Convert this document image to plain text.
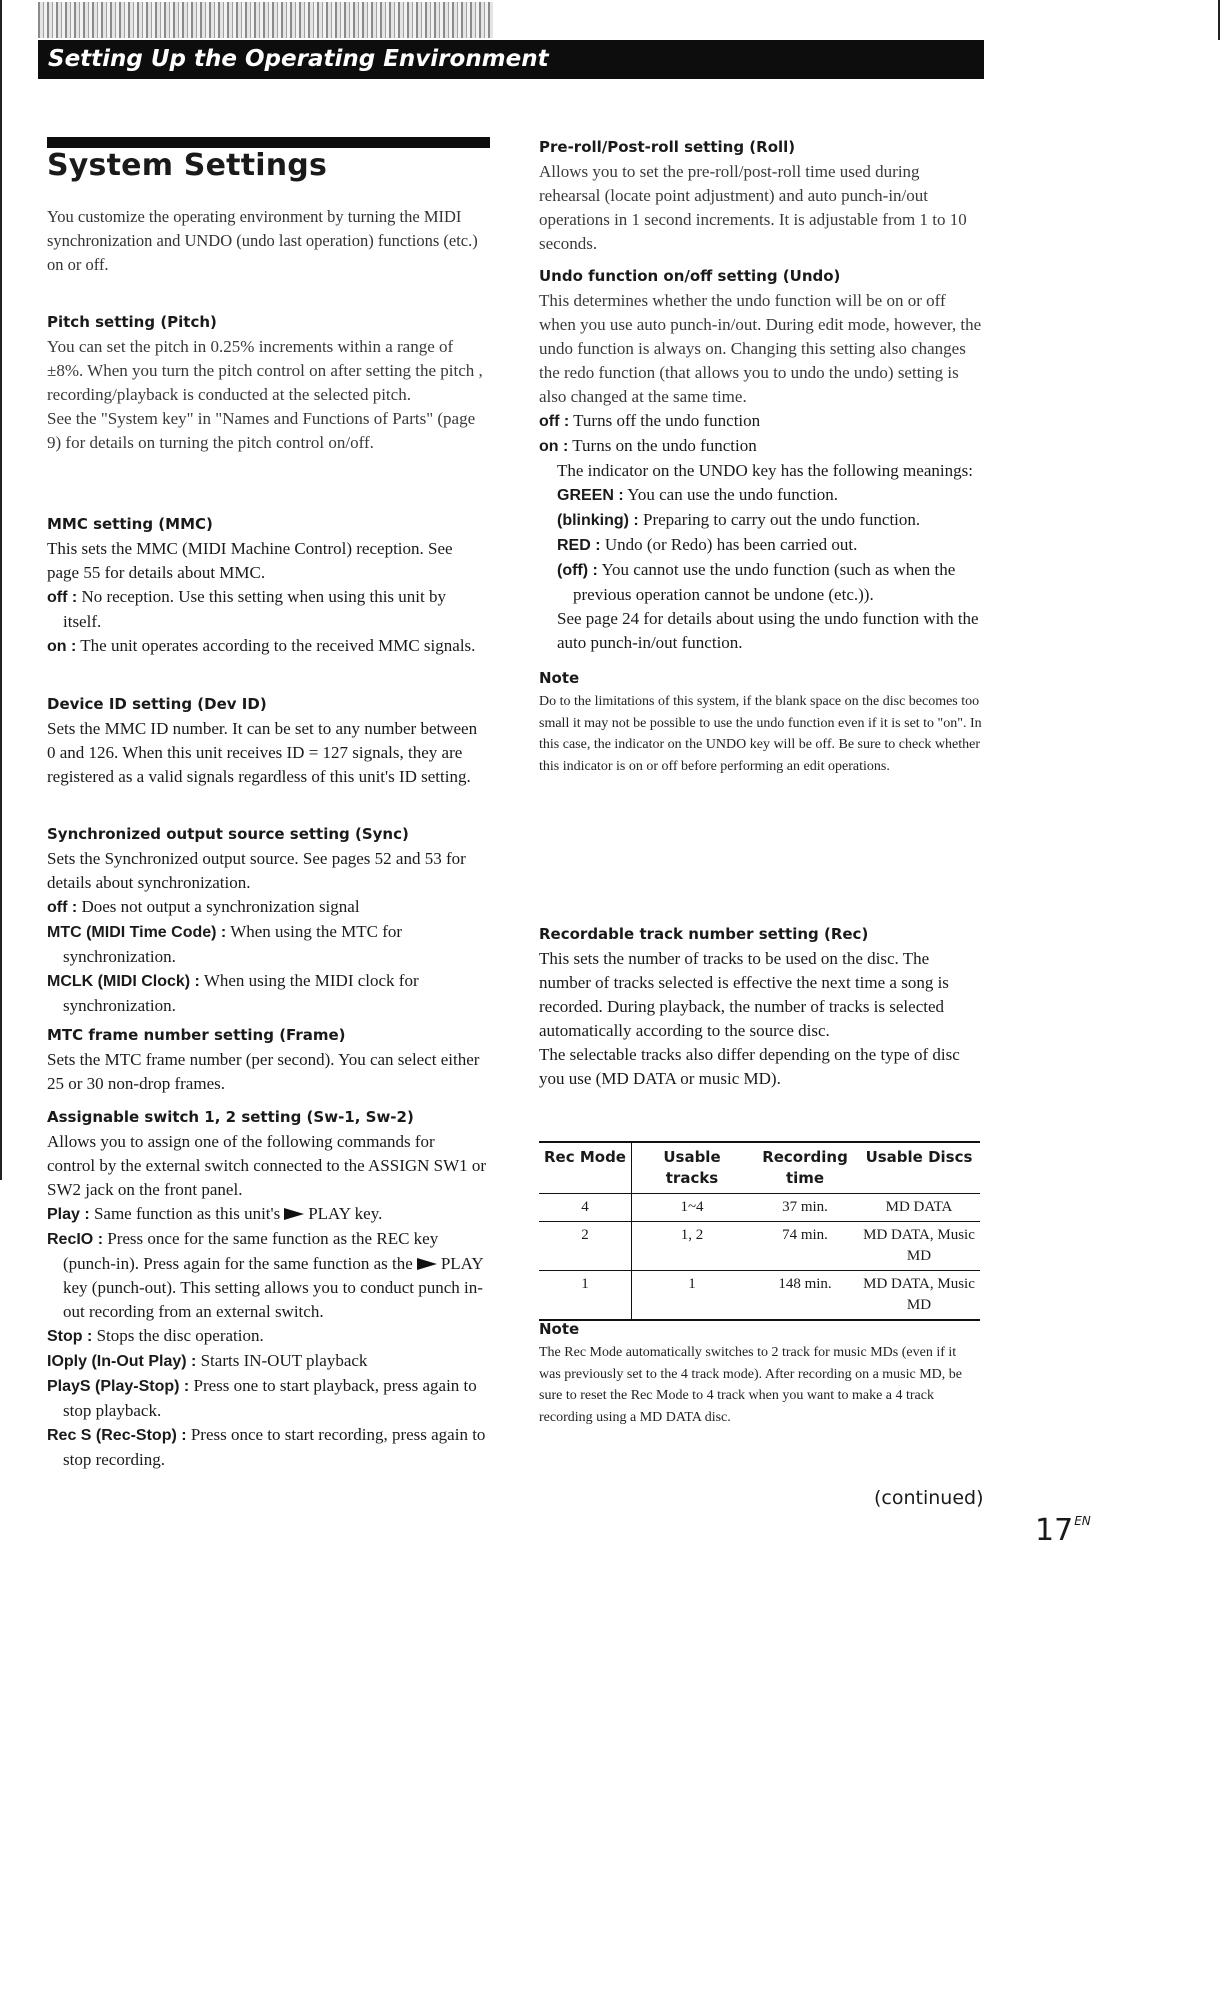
Setting Up the Operating Environment
System Settings

You customize the operating environment by turning the MIDI synchronization and UNDO (undo last operation) functions (etc.) on or off.

Pitch setting (Pitch)

You can set the pitch in 0.25% increments within a range of ±8%. When you turn the pitch control on after setting the pitch , recording/playback is conducted at the selected pitch.

See the "System key" in "Names and Functions of Parts" (page 9) for details on turning the pitch control on/off.

MMC setting (MMC)

This sets the MMC (MIDI Machine Control) reception. See page 55 for details about MMC.

off : No reception. Use this setting when using this unit by itself.

on : The unit operates according to the received MMC signals.

Device ID setting (Dev ID)

Sets the MMC ID number. It can be set to any number between 0 and 126. When this unit receives ID = 127 signals, they are registered as a valid signals regardless of this unit's ID setting.

Synchronized output source setting (Sync)

Sets the Synchronized output source. See pages 52 and 53 for details about synchronization.

off : Does not output a synchronization signal

MTC (MIDI Time Code) : When using the MTC for synchronization.

MCLK (MIDI Clock) : When using the MIDI clock for synchronization.

MTC frame number setting (Frame)

Sets the MTC frame number (per second). You can select either 25 or 30 non-drop frames.

Assignable switch 1, 2 setting (Sw-1, Sw-2)

Allows you to assign one of the following commands for control by the external switch connected to the ASSIGN SW1 or SW2 jack on the front panel.

Play : Same function as this unit's PLAY key.

RecIO : Press once for the same function as the REC key (punch-in). Press again for the same function as the PLAY key (punch-out). This setting allows you to conduct punch in-out recording from an external switch.

Stop : Stops the disc operation.

IOply (In-Out Play) : Starts IN-OUT playback

PlayS (Play-Stop) : Press one to start playback, press again to stop playback.

Rec S (Rec-Stop) : Press once to start recording, press again to stop recording.

Pre-roll/Post-roll setting (Roll)

Allows you to set the pre-roll/post-roll time used during rehearsal (locate point adjustment) and auto punch-in/out operations in 1 second increments. It is adjustable from 1 to 10 seconds.

Undo function on/off setting (Undo)

This determines whether the undo function will be on or off when you use auto punch-in/out. During edit mode, however, the undo function is always on. Changing this setting also changes the redo function (that allows you to undo the undo) setting is also changed at the same time.

off : Turns off the undo function

on : Turns on the undo function

The indicator on the UNDO key has the following meanings:

GREEN : You can use the undo function.

(blinking) : Preparing to carry out the undo function.

RED : Undo (or Redo) has been carried out.

(off) : You cannot use the undo function (such as when the previous operation cannot be undone (etc.)).

See page 24 for details about using the undo function with the auto punch-in/out function.

Note

Do to the limitations of this system, if the blank space on the disc becomes too small it may not be possible to use the undo function even if it is set to "on". In this case, the indicator on the UNDO key will be off. Be sure to check whether this indicator is on or off before performing an edit operations.

Recordable track number setting (Rec)

This sets the number of tracks to be used on the disc. The number of tracks selected is effective the next time a song is recorded. During playback, the number of tracks is selected automatically according to the source disc.

The selectable tracks also differ depending on the type of disc you use (MD DATA or music MD).

Rec Mode	Usable tracks	Recording time	Usable Discs
4	1~4	37 min.	MD DATA
2	1, 2	74 min.	MD DATA, Music MD
1	1	148 min.	MD DATA, Music MD

Note

The Rec Mode automatically switches to 2 track for music MDs (even if it was previously set to the 4 track mode). After recording on a music MD, be sure to reset the Rec Mode to 4 track when you want to make a 4 track recording using a MD DATA disc.

(continued)
$17^{EN}$
